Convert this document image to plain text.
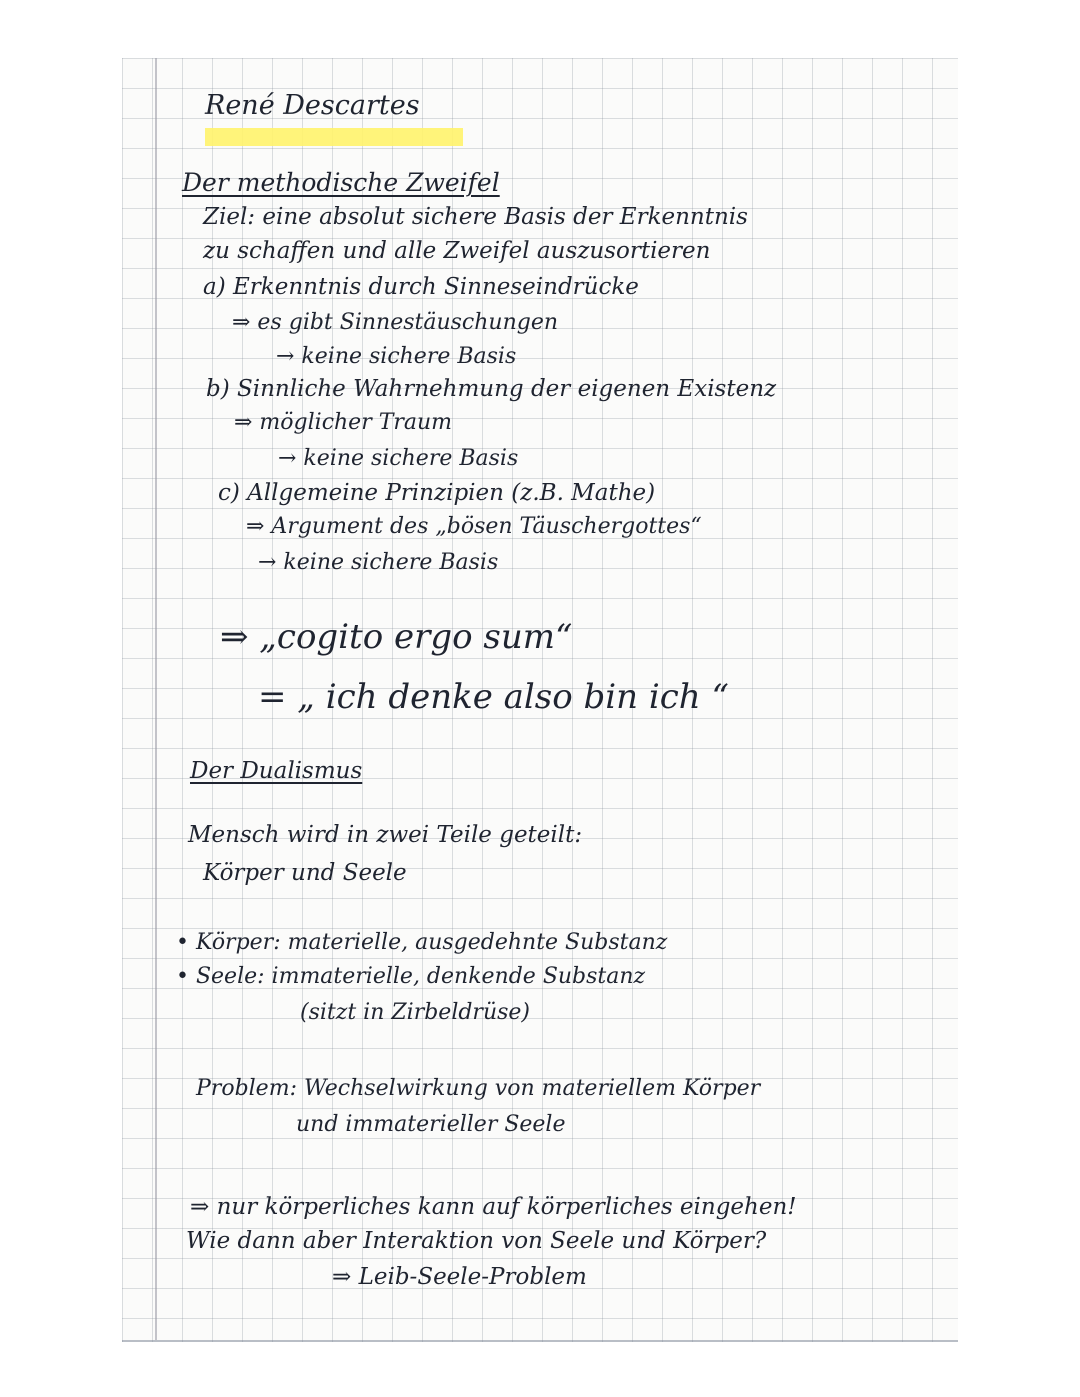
René Descartes
Der methodische Zweifel
Ziel: eine absolut sichere Basis der Erkenntnis
zu schaffen und alle Zweifel auszusortieren
a) Erkenntnis durch Sinneseindrücke
⇒ es gibt Sinnestäuschungen
→ keine sichere Basis
b) Sinnliche Wahrnehmung der eigenen Existenz
⇒ möglicher Traum
→ keine sichere Basis
c) Allgemeine Prinzipien (z.B. Mathe)
⇒ Argument des „bösen Täuschergottes“
→ keine sichere Basis
⇒ „cogito ergo sum“
= „ ich denke also bin ich “
Der Dualismus
Mensch wird in zwei Teile geteilt:
Körper und Seele
• Körper: materielle, ausgedehnte Substanz
• Seele: immaterielle, denkende Substanz
(sitzt in Zirbeldrüse)
Problem: Wechselwirkung von materiellem Körper
und immaterieller Seele
⇒ nur körperliches kann auf körperliches eingehen!
Wie dann aber Interaktion von Seele und Körper?
⇒ Leib-Seele-Problem
